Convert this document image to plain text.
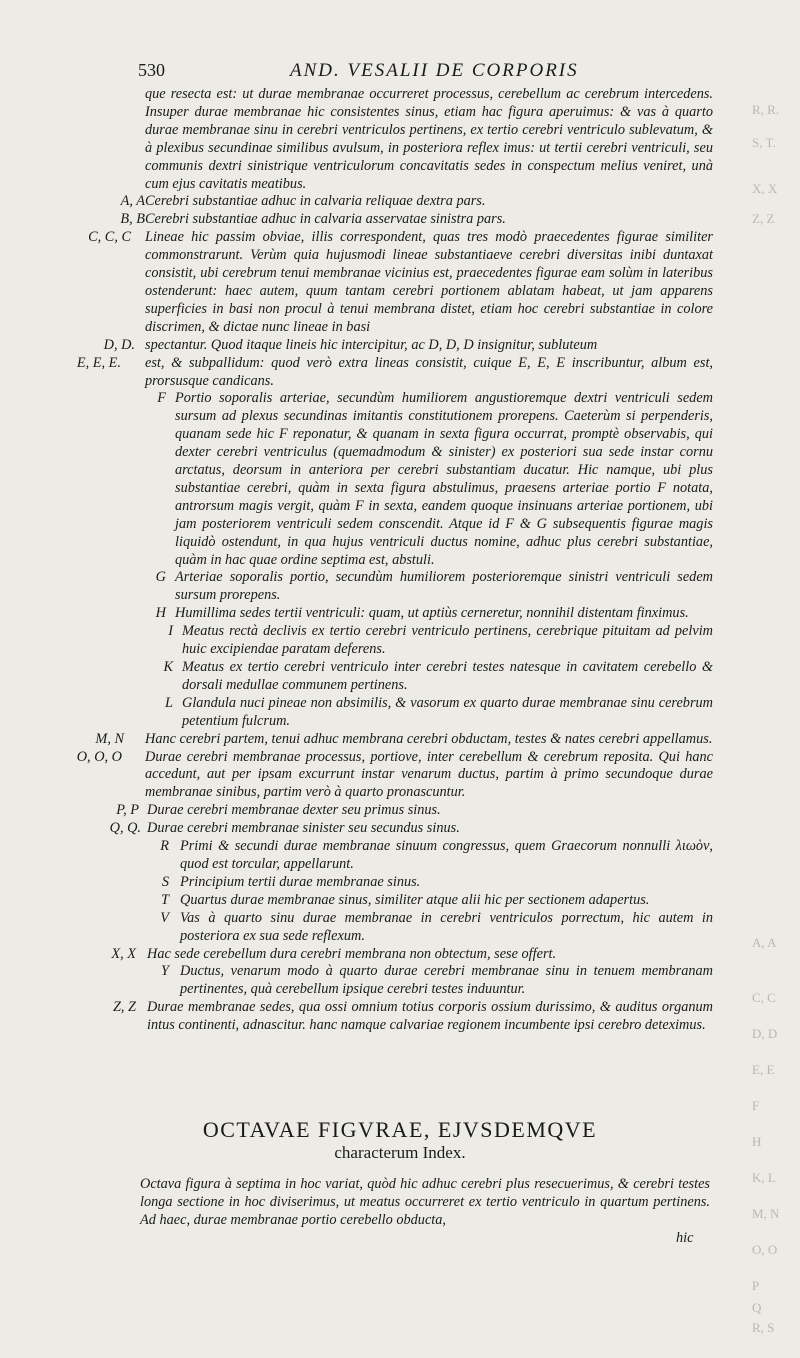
530	AND. VESALII DE CORPORIS
R, R.
S, T.
X, X
Z, Z
A, A
C, C
D, D
E, E
F
H
K, L
M, N
O, O
P
Q
R, S
que resecta est: ut durae membranae occurreret processus, cerebellum ac cerebrum intercedens. Insuper durae membranae hic consistentes sinus, etiam hac figura aperuimus: & vas à quarto durae membranae sinu in cerebri ventriculos pertinens, ex tertio cerebri ventriculo sublevatum, & à plexibus secundinae similibus avulsum, in posteriora reflex imus: ut tertii cerebri ventriculi, seu communis dextri sinistrique ventriculorum concavitatis sedes in conspectum melius veniret, unà cum ejus cavitatis meatibus.
A, A Cerebri substantiae adhuc in calvaria reliquae dextra pars.
B, B Cerebri substantiae adhuc in calvaria asservatae sinistra pars.
C, C, C Lineae hic passim obviae, illis correspondent, quas tres modò praecedentes figurae similiter commonstrarunt. Verùm quia hujusmodi lineae substantiaeve cerebri diversitas inibi duntaxat consistit, ubi cerebrum tenui membranae vicinius est, praecedentes figurae eam solùm in lateribus ostenderunt: haec autem, quum tantam cerebri portionem ablatam habeat, ut jam apparens superficies in basi non procul à tenui membrana distet, etiam hoc cerebri substantiae in colore discrimen, & dictae nunc lineae in basi
D, D. spectantur. Quod itaque lineis hic intercipitur, ac D, D, D insignitur, subluteum
E, E, E. est, & subpallidum: quod verò extra lineas consistit, cuique E, E, E inscribuntur, album est, prorsusque candicans.
F Portio soporalis arteriae, secundùm humiliorem angustioremque dextri ventriculi sedem sursum ad plexus secundinas imitantis constitutionem prorepens. Caeterùm si perpenderis, quanam sede hic F reponatur, & quanam in sexta figura occurrat, promptè observabis, qui dexter cerebri ventriculus (quemadmodum & sinister) ex posteriori sua sede instar cornu arctatus, deorsum in anteriora per cerebri substantiam ducatur. Hic namque, ubi plus substantiae cerebri, quàm in sexta figura abstulimus, praesens arteriae portio F notata, antrorsum magis vergit, quàm F in sexta, eandem quoque insinuans arteriae portionem, ubi jam posteriorem ventriculi sedem conscendit. Atque id F & G subsequentis figurae magis liquidò ostendunt, in qua hujus ventriculi ductus nomine, adhuc plus cerebri substantiae, quàm in hac quae ordine septima est, abstuli.
G Arteriae soporalis portio, secundùm humiliorem posterioremque sinistri ventriculi sedem sursum prorepens.
H Humillima sedes tertii ventriculi: quam, ut aptiùs cerneretur, nonnihil distentam finximus.
I Meatus rectà declivis ex tertio cerebri ventriculo pertinens, cerebrique pituitam ad pelvim huic excipiendae paratam deferens.
K Meatus ex tertio cerebri ventriculo inter cerebri testes natesque in cavitatem cerebello & dorsali medullae communem pertinens.
L Glandula nuci pineae non absimilis, & vasorum ex quarto durae membranae sinu cerebrum petentium fulcrum.
M, N Hanc cerebri partem, tenui adhuc membrana cerebri obductam, testes & nates cerebri appellamus.
O, O, O Durae cerebri membranae processus, portiove, inter cerebellum & cerebrum reposita. Qui hanc accedunt, aut per ipsam excurrunt instar venarum ductus, partim à primo secundoque durae membranae sinibus, partim verò à quarto pronascuntur.
P, P Durae cerebri membranae dexter seu primus sinus.
Q, Q. Durae cerebri membranae sinister seu secundus sinus.
R Primi & secundi durae membranae sinuum congressus, quem Graecorum nonnulli λιωὸν, quod est torcular, appellarunt.
S Principium tertii durae membranae sinus.
T Quartus durae membranae sinus, similiter atque alii hic per sectionem adapertus.
V Vas à quarto sinu durae membranae in cerebri ventriculos porrectum, hic autem in posteriora ex sua sede reflexum.
X, X Hac sede cerebellum dura cerebri membrana non obtectum, sese offert.
Y Ductus, venarum modo à quarto durae cerebri membranae sinu in tenuem membranam pertinentes, quà cerebellum ipsique cerebri testes induuntur.
Z, Z Durae membranae sedes, qua ossi omnium totius corporis ossium durissimo, & auditus organum intus continenti, adnascitur. hanc namque calvariae regionem incumbente ipsi cerebro deteximus.
OCTAVAE FIGVRAE, EJVSDEMQVE
characterum Index.
Octava figura à septima in hoc variat, quòd hic adhuc cerebri plus resecuerimus, & cerebri testes longa sectione in hoc diviserimus, ut meatus occurreret ex tertio ventriculo in quartum pertinens. Ad haec, durae membranae portio cerebello obducta,
hic
